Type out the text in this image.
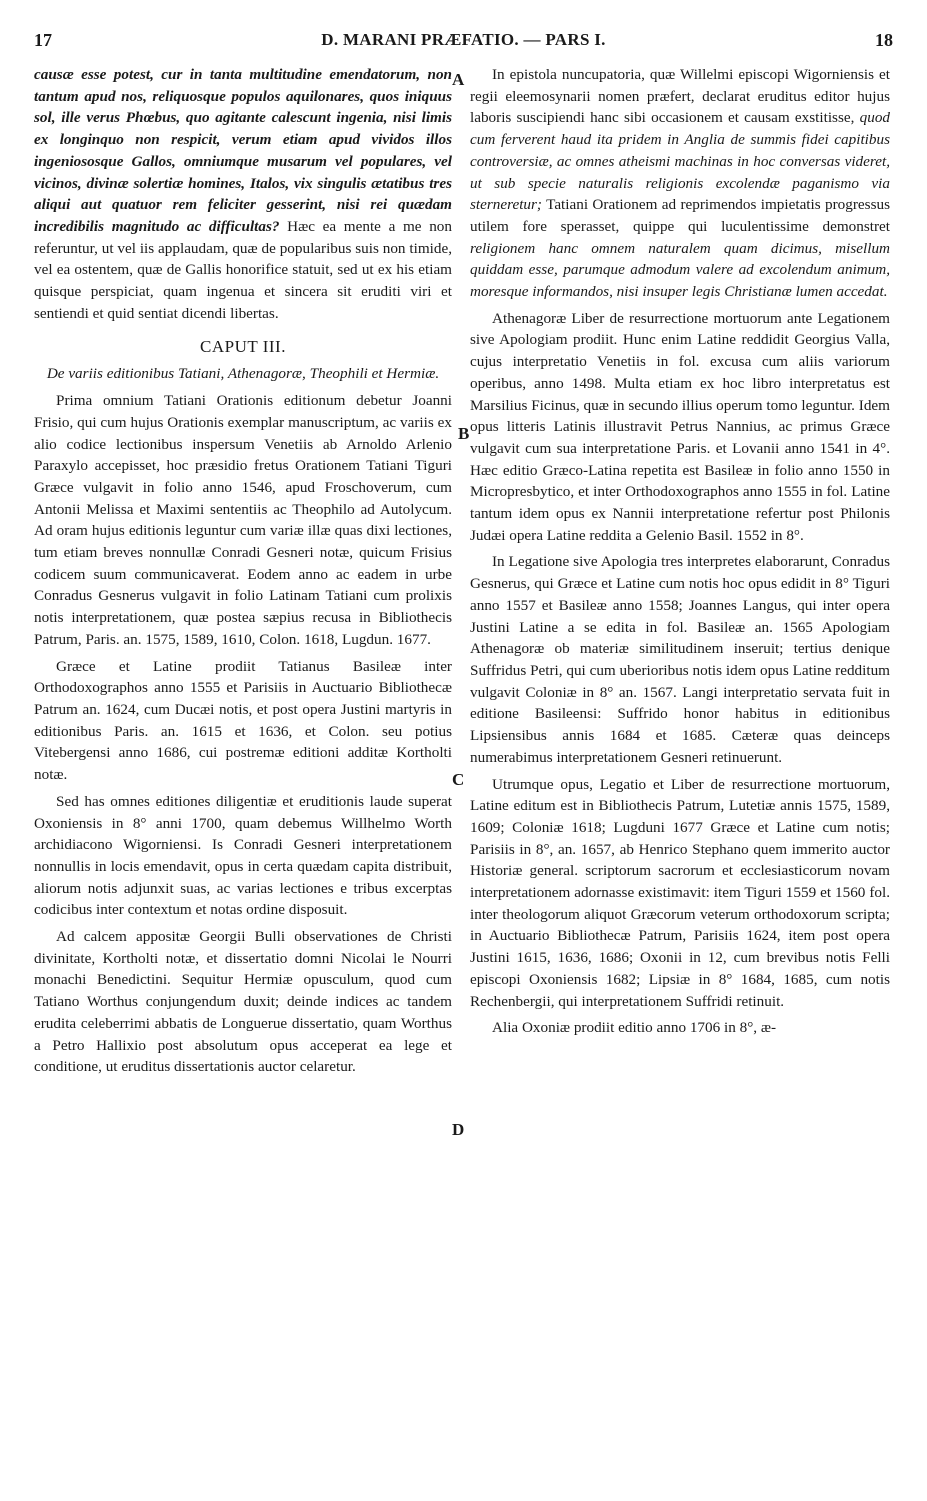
17	D. MARANI PRÆFATIO. — PARS I.	18
A
B
C
D

causæ esse potest, cur in tanta multitudine emendatorum, non tantum apud nos, reliquosque populos aquilonares, quos iniquus sol, ille verus Phœbus, quo agitante calescunt ingenia, nisi limis ex longinquo non respicit, verum etiam apud vividos illos ingeniososque Gallos, omniumque musarum vel populares, vel vicinos, divinæ solertiæ homines, Italos, vix singulis ætatibus tres aliqui aut quatuor rem feliciter gesserint, nisi rei quædam incredibilis magnitudo ac difficultas? Hæc ea mente a me non referuntur, ut vel iis applaudam, quæ de popularibus suis non timide, vel ea ostentem, quæ de Gallis honorifice statuit, sed ut ex his etiam quisque perspiciat, quam ingenua et sincera sit eruditi viri et sentiendi et quid sentiat dicendi libertas.

CAPUT III.
De variis editionibus Tatiani, Athenagoræ, Theophili et Hermiæ.

Prima omnium Tatiani Orationis editionum debetur Joanni Frisio, qui cum hujus Orationis exemplar manuscriptum, ac variis ex alio codice lectionibus inspersum Venetiis ab Arnoldo Arlenio Paraxylo accepisset, hoc præsidio fretus Orationem Tatiani Tiguri Græce vulgavit in folio anno 1546, apud Froschoverum, cum Antonii Melissa et Maximi sententiis ac Theophilo ad Autolycum. Ad oram hujus editionis leguntur cum variæ illæ quas dixi lectiones, tum etiam breves nonnullæ Conradi Gesneri notæ, quicum Frisius codicem suum communicaverat. Eodem anno ac eadem in urbe Conradus Gesnerus vulgavit in folio Latinam Tatiani cum prolixis notis interpretationem, quæ postea sæpius recusa in Bibliothecis Patrum, Paris. an. 1575, 1589, 1610, Colon. 1618, Lugdun. 1677.

Græce et Latine prodiit Tatianus Basileæ inter Orthodoxographos anno 1555 et Parisiis in Auctuario Bibliothecæ Patrum an. 1624, cum Ducæi notis, et post opera Justini martyris in editionibus Paris. an. 1615 et 1636, et Colon. seu potius Vitebergensi anno 1686, cui postremæ editioni additæ Kortholti notæ.

Sed has omnes editiones diligentiæ et eruditionis laude superat Oxoniensis in 8° anni 1700, quam debemus Willhelmo Worth archidiacono Wigorniensi. Is Conradi Gesneri interpretationem nonnullis in locis emendavit, opus in certa quædam capita distribuit, aliorum notis adjunxit suas, ac varias lectiones e tribus excerptas codicibus inter contextum et notas ordine disposuit.

Ad calcem appositæ Georgii Bulli observationes de Christi divinitate, Kortholti notæ, et dissertatio domni Nicolai le Nourri monachi Benedictini. Sequitur Hermiæ opusculum, quod cum Tatiano Worthus conjungendum duxit; deinde indices ac tandem erudita celeberrimi abbatis de Longuerue dissertatio, quam Worthus a Petro Hallixio post absolutum opus acceperat ea lege et conditione, ut eruditus dissertationis auctor celaretur.

In epistola nuncupatoria, quæ Willelmi episcopi Wigorniensis et regii eleemosynarii nomen præfert, declarat eruditus editor hujus laboris suscipiendi hanc sibi occasionem et causam exstitisse, quod cum ferverent haud ita pridem in Anglia de summis fidei capitibus controversiæ, ac omnes atheismi machinas in hoc conversas videret, ut sub specie naturalis religionis excolendæ paganismo via sterneretur; Tatiani Orationem ad reprimendos impietatis progressus utilem fore sperasset, quippe qui luculentissime demonstret religionem hanc omnem naturalem quam dicimus, misellum quiddam esse, parumque admodum valere ad excolendum animum, moresque informandos, nisi insuper legis Christianæ lumen accedat.

Athenagoræ Liber de resurrectione mortuorum ante Legationem sive Apologiam prodiit. Hunc enim Latine reddidit Georgius Valla, cujus interpretatio Venetiis in fol. excusa cum aliis variorum operibus, anno 1498. Multa etiam ex hoc libro interpretatus est Marsilius Ficinus, quæ in secundo illius operum tomo leguntur. Idem opus litteris Latinis illustravit Petrus Nannius, ac primus Græce vulgavit cum sua interpretatione Paris. et Lovanii anno 1541 in 4°. Hæc editio Græco-Latina repetita est Basileæ in folio anno 1550 in Micropresbytico, et inter Orthodoxographos anno 1555 in fol. Latine tantum idem opus ex Nannii interpretatione refertur post Philonis Judæi opera Latine reddita a Gelenio Basil. 1552 in 8°.

In Legatione sive Apologia tres interpretes elaborarunt, Conradus Gesnerus, qui Græce et Latine cum notis hoc opus edidit in 8° Tiguri anno 1557 et Basileæ anno 1558; Joannes Langus, qui inter opera Justini Latine a se edita in fol. Basileæ an. 1565 Apologiam Athenagoræ ob materiæ similitudinem inseruit; tertius denique Suffridus Petri, qui cum uberioribus notis idem opus Latine redditum vulgavit Coloniæ in 8° an. 1567. Langi interpretatio servata fuit in editione Basileensi: Suffrido honor habitus in editionibus Lipsiensibus annis 1684 et 1685. Cæteræ quas deinceps numerabimus interpretationem Gesneri retinuerunt.

Utrumque opus, Legatio et Liber de resurrectione mortuorum, Latine editum est in Bibliothecis Patrum, Lutetiæ annis 1575, 1589, 1609; Coloniæ 1618; Lugduni 1677 Græce et Latine cum notis; Parisiis in 8°, an. 1657, ab Henrico Stephano quem immerito auctor Historiæ general. scriptorum sacrorum et ecclesiasticorum novam interpretationem adornasse existimavit: item Tiguri 1559 et 1560 fol. inter theologorum aliquot Græcorum veterum orthodoxorum scripta; in Auctuario Bibliothecæ Patrum, Parisiis 1624, item post opera Justini 1615, 1636, 1686; Oxonii in 12, cum brevibus notis Felli episcopi Oxoniensis 1682; Lipsiæ in 8° 1684, 1685, cum notis Rechenbergii, qui interpretationem Suffridi retinuit.

Alia Oxoniæ prodiit editio anno 1706 in 8°, æ-
